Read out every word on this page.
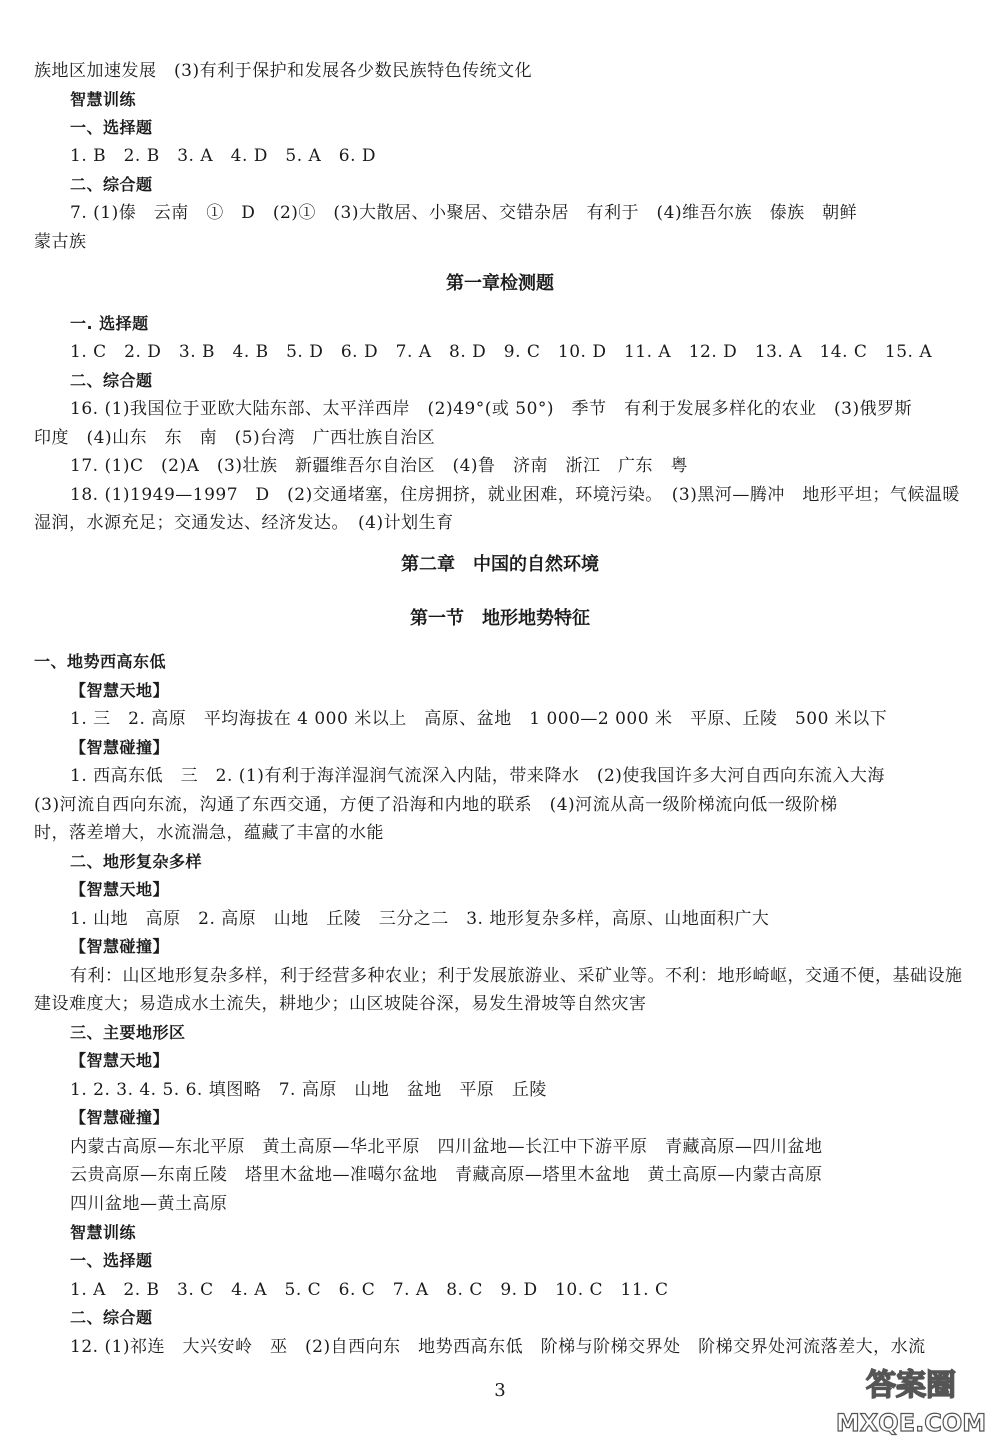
族地区加速发展　(3)有利于保护和发展各少数民族特色传统文化
智慧训练
一、选择题
1. B　2. B　3. A　4. D　5. A　6. D
二、综合题
7. (1)傣　云南　①　D　(2)①　(3)大散居、小聚居、交错杂居　有利于　(4)维吾尔族　傣族　朝鲜
蒙古族
第一章检测题
一. 选择题
1. C　2. D　3. B　4. B　5. D　6. D　7. A　8. D　9. C　10. D　11. A　12. D　13. A　14. C　15. A
二、综合题
16. (1)我国位于亚欧大陆东部、太平洋西岸　(2)49°(或 50°)　季节　有利于发展多样化的农业　(3)俄罗斯
印度　(4)山东　东　南　(5)台湾　广西壮族自治区
17. (1)C　(2)A　(3)壮族　新疆维吾尔自治区　(4)鲁　济南　浙江　广东　粤
18. (1)1949—1997　D　(2)交通堵塞，住房拥挤，就业困难，环境污染。　(3)黑河—腾冲　地形平坦；气候温暖
湿润，水源充足；交通发达、经济发达。　(4)计划生育
第二章　中国的自然环境
第一节　地形地势特征
一、地势西高东低
【智慧天地】
1. 三　2. 高原　平均海拔在 4 000 米以上　高原、盆地　1 000—2 000 米　平原、丘陵　500 米以下
【智慧碰撞】
1. 西高东低　三　2. (1)有利于海洋湿润气流深入内陆，带来降水　(2)使我国许多大河自西向东流入大海
(3)河流自西向东流，沟通了东西交通，方便了沿海和内地的联系　(4)河流从高一级阶梯流向低一级阶梯
时，落差增大，水流湍急，蕴藏了丰富的水能
二、地形复杂多样
【智慧天地】
1. 山地　高原　2. 高原　山地　丘陵　三分之二　3. 地形复杂多样，高原、山地面积广大
【智慧碰撞】
有利：山区地形复杂多样，利于经营多种农业；利于发展旅游业、采矿业等。不利：地形崎岖，交通不便，基础设施
建设难度大；易造成水土流失，耕地少；山区坡陡谷深，易发生滑坡等自然灾害
三、主要地形区
【智慧天地】
1. 2. 3. 4. 5. 6. 填图略　7. 高原　山地　盆地　平原　丘陵
【智慧碰撞】
内蒙古高原—东北平原　黄土高原—华北平原　四川盆地—长江中下游平原　青藏高原—四川盆地
云贵高原—东南丘陵　塔里木盆地—准噶尔盆地　青藏高原—塔里木盆地　黄土高原—内蒙古高原
四川盆地—黄土高原
智慧训练
一、选择题
1. A　2. B　3. C　4. A　5. C　6. C　7. A　8. C　9. D　10. C　11. C
二、综合题
12. (1)祁连　大兴安岭　巫　(2)自西向东　地势西高东低　阶梯与阶梯交界处　阶梯交界处河流落差大，水流
3	答案圈
MXQE.COM
